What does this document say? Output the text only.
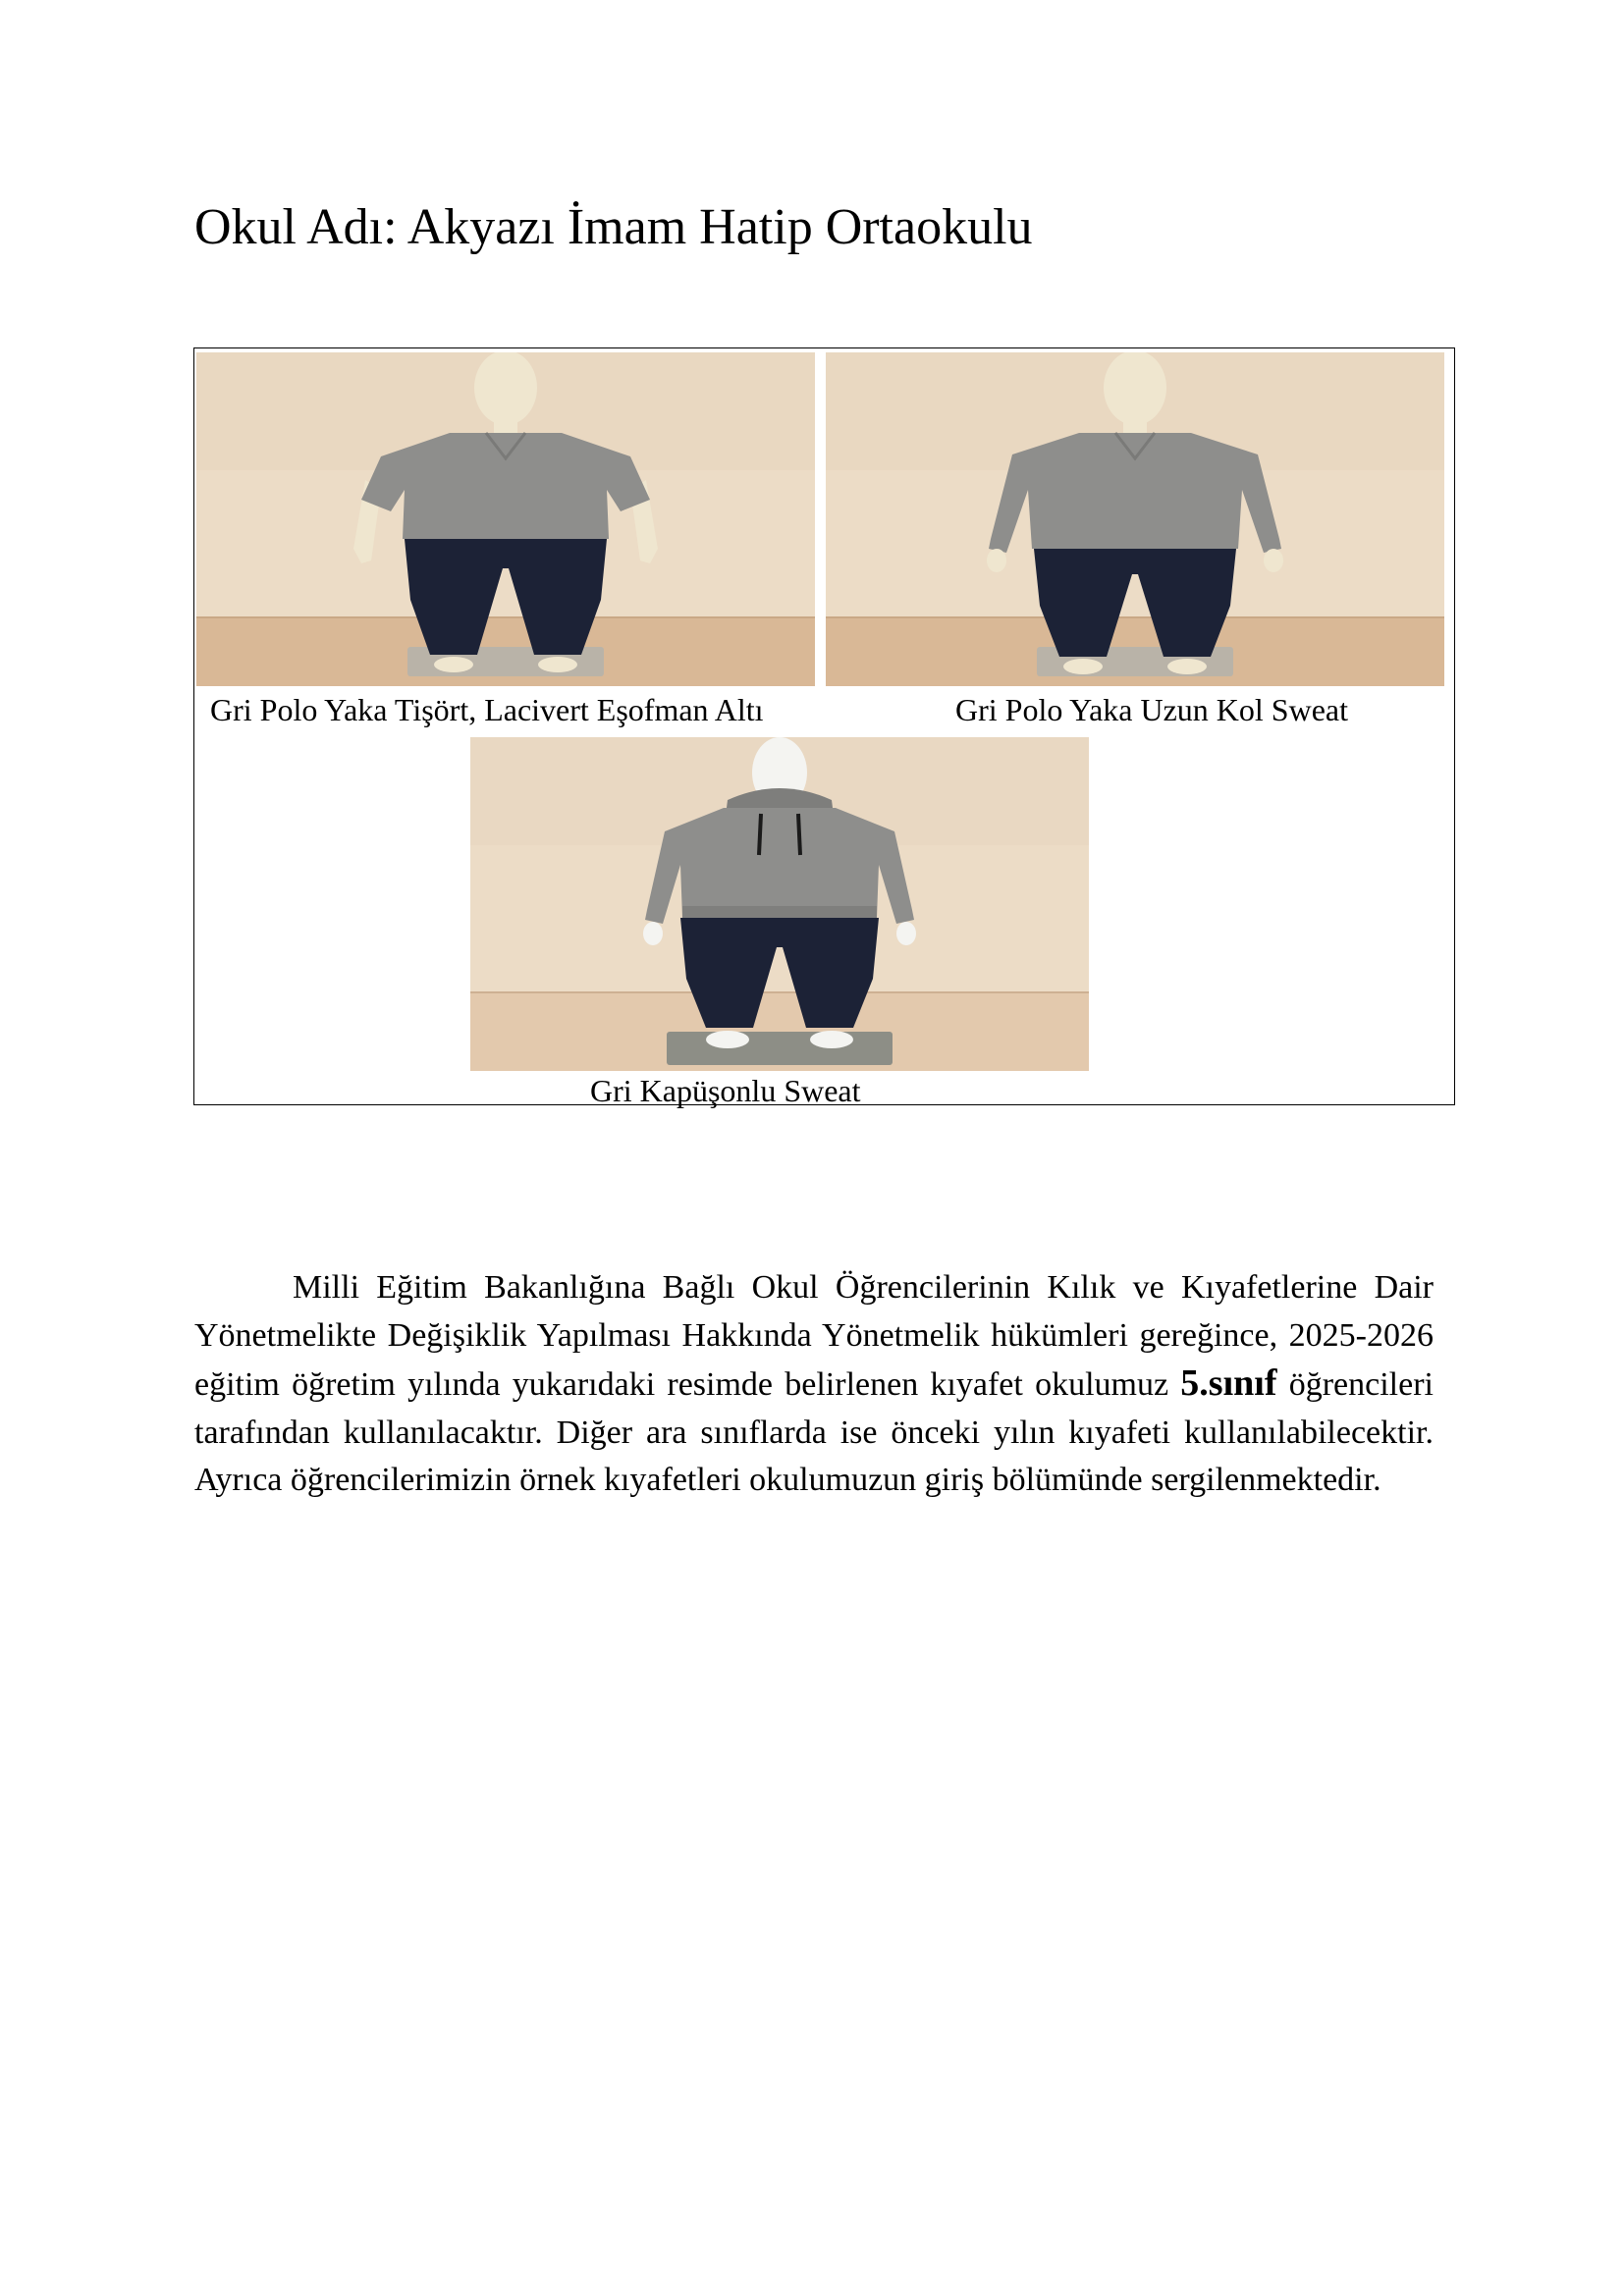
Okul Adı: Akyazı İmam Hatip Ortaokulu
Gri Polo Yaka Tişört, Lacivert Eşofman Altı	Gri Polo Yaka Uzun Kol Sweat
Gri Kapüşonlu Sweat

Milli Eğitim Bakanlığına Bağlı Okul Öğrencilerinin Kılık ve Kıyafetlerine Dair Yönetmelikte Değişiklik Yapılması Hakkında Yönetmelik hükümleri gereğince, 2025-2026 eğitim öğretim yılında yukarıdaki resimde belirlenen kıyafet okulumuz 5.sınıf öğrencileri tarafından kullanılacaktır. Diğer ara sınıflarda ise önceki yılın kıyafeti kullanılabilecektir. Ayrıca öğrencilerimizin örnek kıyafetleri okulumuzun giriş bölümünde sergilenmektedir.
